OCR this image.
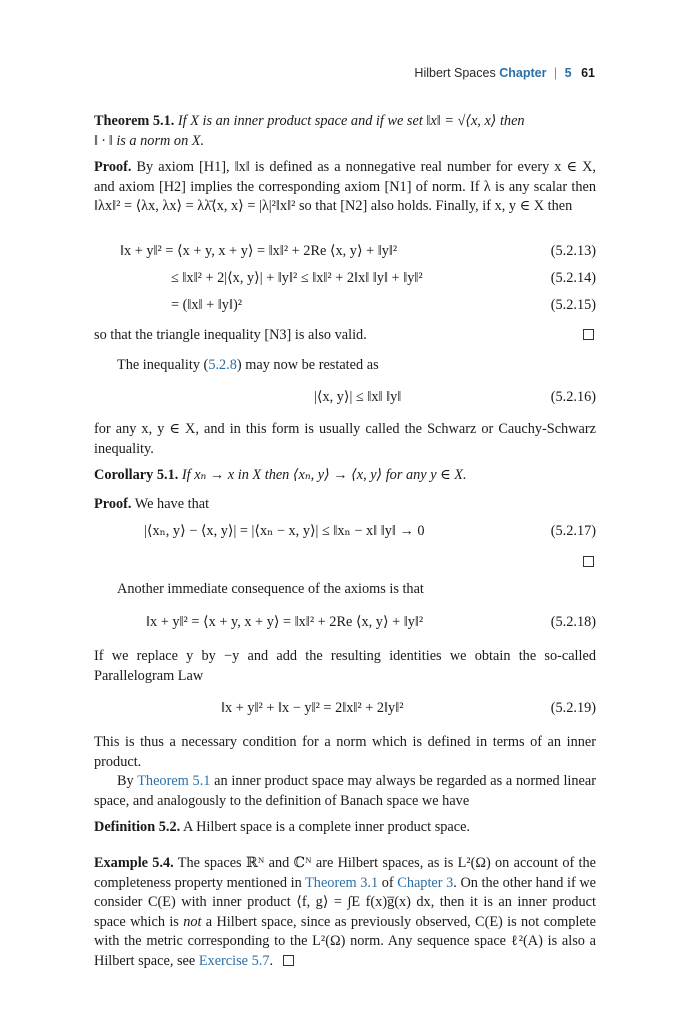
Hilbert Spaces Chapter | 5 61

Theorem 5.1. If X is an inner product space and if we set ‖x‖ = √⟨x, x⟩ then

‖ · ‖ is a norm on X.

Proof. By axiom [H1], ‖x‖ is defined as a nonnegative real number for every x ∈ X, and axiom [H2] implies the corresponding axiom [N1] of norm. If λ is any scalar then ‖λx‖² = ⟨λx, λx⟩ = λλ̄⟨x, x⟩ = |λ|²‖x‖² so that [N2] also holds. Finally, if x, y ∈ X then

‖x + y‖² = ⟨x + y, x + y⟩ = ‖x‖² + 2Re ⟨x, y⟩ + ‖y‖²	(5.2.13)
≤ ‖x‖² + 2|⟨x, y⟩| + ‖y‖² ≤ ‖x‖² + 2‖x‖ ‖y‖ + ‖y‖²	(5.2.14)
= (‖x‖ + ‖y‖)²	(5.2.15)

so that the triangle inequality [N3] is also valid.

The inequality (5.2.8) may now be restated as

|⟨x, y⟩| ≤ ‖x‖ ‖y‖	(5.2.16)

for any x, y ∈ X, and in this form is usually called the Schwarz or Cauchy-Schwarz inequality.

Corollary 5.1. If xₙ → x in X then ⟨xₙ, y⟩ → ⟨x, y⟩ for any y ∈ X.

Proof. We have that

|⟨xₙ, y⟩ − ⟨x, y⟩| = |⟨xₙ − x, y⟩| ≤ ‖xₙ − x‖ ‖y‖ → 0	(5.2.17)

Another immediate consequence of the axioms is that

‖x + y‖² = ⟨x + y, x + y⟩ = ‖x‖² + 2Re ⟨x, y⟩ + ‖y‖²	(5.2.18)

If we replace y by −y and add the resulting identities we obtain the so-called Parallelogram Law

‖x + y‖² + ‖x − y‖² = 2‖x‖² + 2‖y‖²	(5.2.19)

This is thus a necessary condition for a norm which is defined in terms of an inner product.

By Theorem 5.1 an inner product space may always be regarded as a normed linear space, and analogously to the definition of Banach space we have

Definition 5.2. A Hilbert space is a complete inner product space.

Example 5.4. The spaces ℝᴺ and ℂᴺ are Hilbert spaces, as is L²(Ω) on account of the completeness property mentioned in Theorem 3.1 of Chapter 3. On the other hand if we consider C(E) with inner product ⟨f, g⟩ = ∫E f(x)g̅(x) dx, then it is an inner product space which is not a Hilbert space, since as previously observed, C(E) is not complete with the metric corresponding to the L²(Ω) norm. Any sequence space ℓ²(A) is also a Hilbert space, see Exercise 5.7.
